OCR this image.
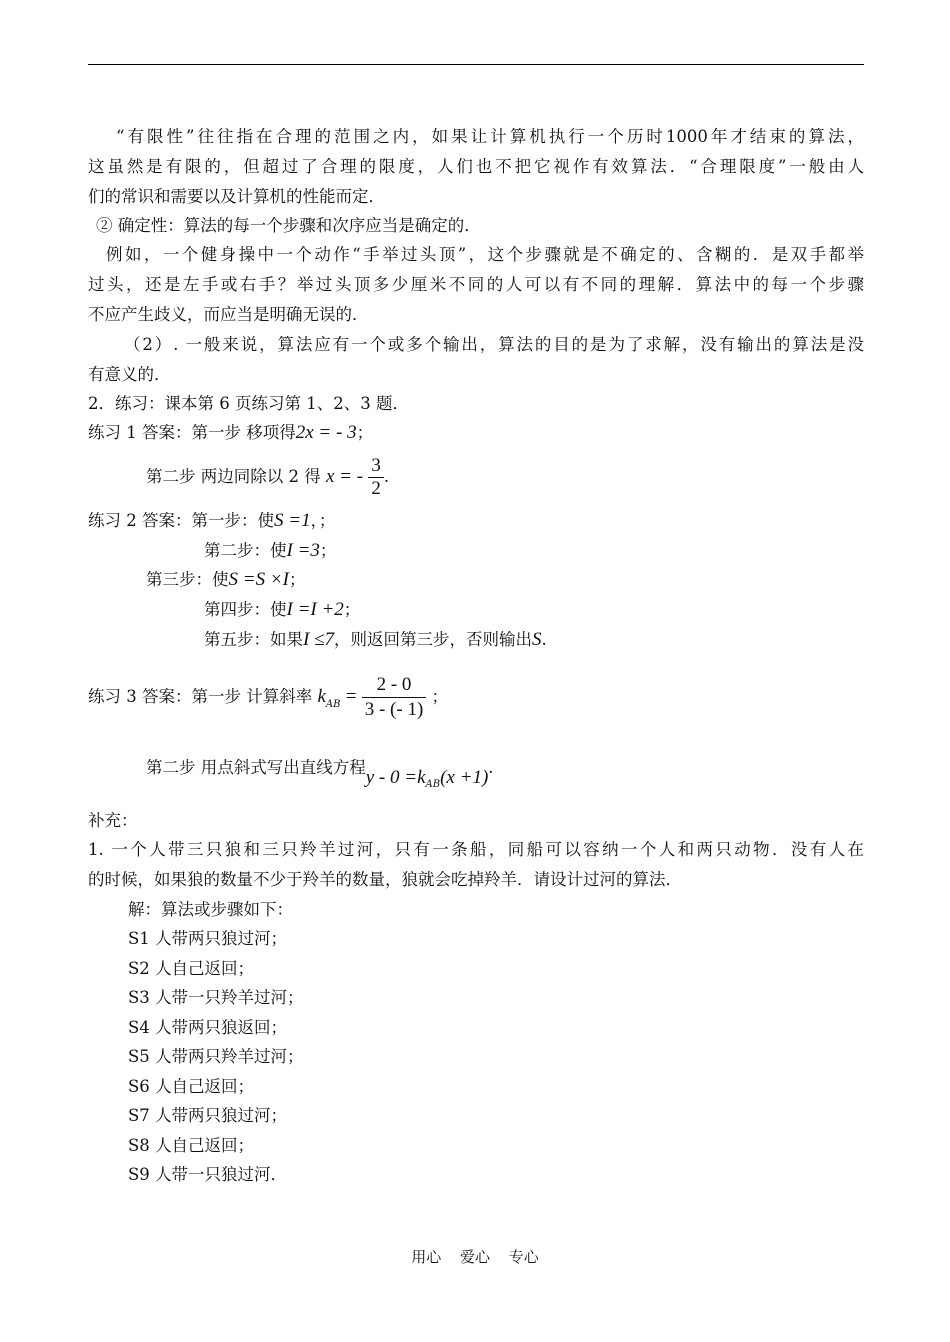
“有限性”往往指在合理的范围之内，如果让计算机执行一个历时1000年才结束的算法，
这虽然是有限的，但超过了合理的限度，人们也不把它视作有效算法．“合理限度”一般由人
们的常识和需要以及计算机的性能而定．
② 确定性：算法的每一个步骤和次序应当是确定的．
例如，一个健身操中一个动作“手举过头顶”，这个步骤就是不确定的、含糊的．是双手都举
过头，还是左手或右手？举过头顶多少厘米不同的人可以有不同的理解．算法中的每一个步骤
不应产生歧义，而应当是明确无误的．
（2）. 一般来说，算法应有一个或多个输出，算法的目的是为了求解，没有输出的算法是没
有意义的．
2．练习：课本第 6 页练习第 1、2、3 题．
练习 1 答案：第一步 移项得2x = - 3；
第二步 两边同除以 2 得 x = - $\frac{3}{2}$ .
练习 2 答案：第一步：使S =1，；
第二步：使I =3；
第三步：使S =S ×I；
第四步：使I =I +2；
第五步：如果I ≤7，则返回第三步，否则输出S.
练习 3 答案：第一步 计算斜率 $k_{AB} = \frac{2 - 0}{3 - (- 1)}$ ；
第二步 用点斜式写出直线方程$y - 0 =k_{AB}(x +1)$.
补充：
1. 一个人带三只狼和三只羚羊过河，只有一条船，同船可以容纳一个人和两只动物．没有人在
的时候，如果狼的数量不少于羚羊的数量，狼就会吃掉羚羊．请设计过河的算法．
解：算法或步骤如下：
S1 人带两只狼过河；
S2 人自己返回；
S3 人带一只羚羊过河；
S4 人带两只狼返回；
S5 人带两只羚羊过河；
S6 人自己返回；
S7 人带两只狼过河；
S8 人自己返回；
S9 人带一只狼过河．
用心 爱心 专心
